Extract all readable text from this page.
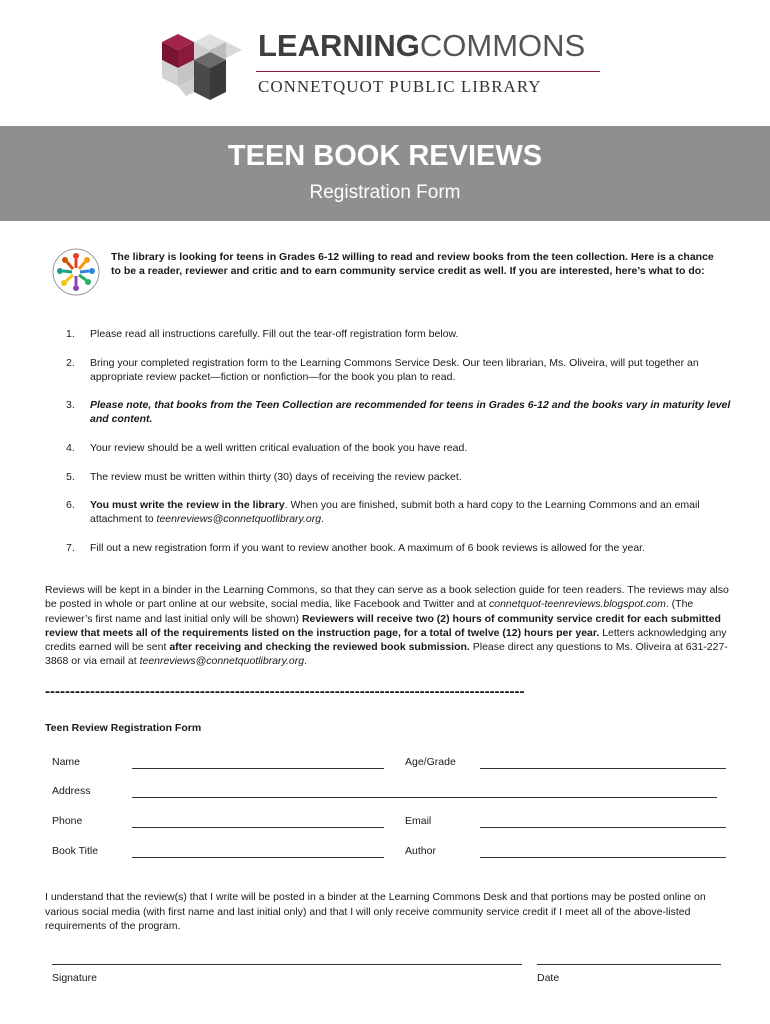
LEARNINGCOMMONS
CONNETQUOT PUBLIC LIBRARY
TEEN BOOK REVIEWS
Registration Form
The library is looking for teens in Grades 6-12 willing to read and review books from the teen collection. Here is a chance to be a reader, reviewer and critic and to earn community service credit as well. If you are interested, here’s what to do:
1.	Please read all instructions carefully. Fill out the tear-off registration form below.
2.	Bring your completed registration form to the Learning Commons Service Desk. Our teen librarian, Ms. Oliveira, will put together an appropriate review packet—fiction or nonfiction—for the book you plan to read.
3.	Please note, that books from the Teen Collection are recommended for teens in Grades 6-12 and the books vary in maturity level and content.
4.	Your review should be a well written critical evaluation of the book you have read.
5.	The review must be written within thirty (30) days of receiving the review packet.
6.	You must write the review in the library. When you are finished, submit both a hard copy to the Learning Commons and an email attachment to teenreviews@connetquotlibrary.org.
7.	Fill out a new registration form if you want to review another book. A maximum of 6 book reviews is allowed for the year.
Reviews will be kept in a binder in the Learning Commons, so that they can serve as a book selection guide for teen readers. The reviews may also be posted in whole or part online at our website, social media, like Facebook and Twitter and at connetquot-teenreviews.blogspot.com. (The reviewer’s first name and last initial only will be shown) Reviewers will receive two (2) hours of community service credit for each submitted review that meets all of the requirements listed on the instruction page, for a total of twelve (12) hours per year. Letters acknowledging any credits earned will be sent after receiving and checking the reviewed book submission. Please direct any questions to Ms. Oliveira at 631-227-3868 or via email at teenreviews@connetquotlibrary.org.
------------------------------------------------------------------------------------------------
Teen Review Registration Form
Name	Age/Grade
Address
Phone	Email
Book Title	Author
I understand that the review(s) that I write will be posted in a binder at the Learning Commons Desk and that portions may be posted online on various social media (with first name and last initial only) and that I will only receive community service credit if I meet all of the above-listed requirements of the program.
Signature	Date
